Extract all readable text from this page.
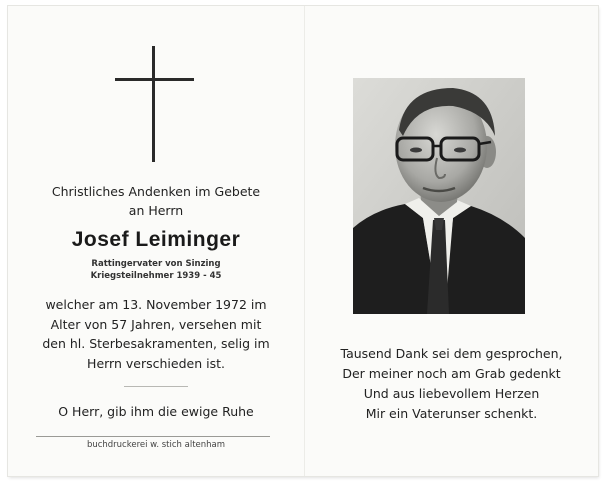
Christliches Andenken im Gebete
an Herrn
Josef Leiminger
Rattingervater von Sinzing
Kriegsteilnehmer 1939 - 45
welcher am 13. November 1972 im
Alter von 57 Jahren, versehen mit
den hl. Sterbesakramenten, selig im
Herrn verschieden ist.
O Herr, gib ihm die ewige Ruhe
buchdruckerei w. stich altenham
Tausend Dank sei dem gesprochen,
Der meiner noch am Grab gedenkt
Und aus liebevollem Herzen
Mir ein Vaterunser schenkt.
